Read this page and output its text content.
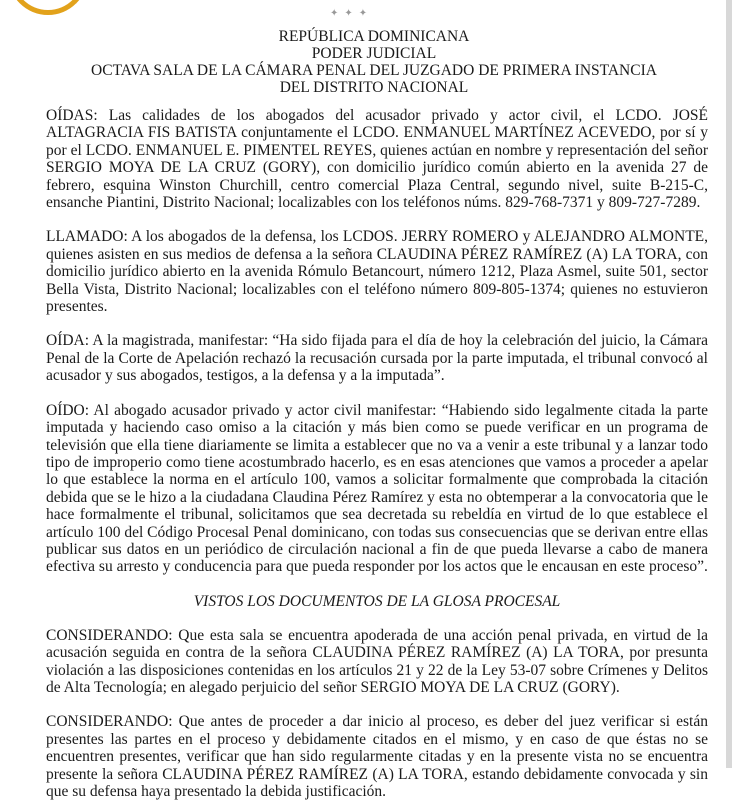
✦✦✦
REPÚBLICA DOMINICANA
PODER JUDICIAL
OCTAVA SALA DE LA CÁMARA PENAL DEL JUZGADO DE PRIMERA INSTANCIA
DEL DISTRITO NACIONAL

OÍDAS: Las calidades de los abogados del acusador privado y actor civil, el LCDO. JOSÉ ALTAGRACIA FIS BATISTA conjuntamente el LCDO. ENMANUEL MARTÍNEZ ACEVEDO, por sí y por el LCDO. ENMANUEL E. PIMENTEL REYES, quienes actúan en nombre y representación del señor SERGIO MOYA DE LA CRUZ (GORY), con domicilio jurídico común abierto en la avenida 27 de febrero, esquina Winston Churchill, centro comercial Plaza Central, segundo nivel, suite B-215-C, ensanche Piantini, Distrito Nacional; localizables con los teléfonos núms. 829-768-7371 y 809-727-7289.

LLAMADO: A los abogados de la defensa, los LCDOS. JERRY ROMERO y ALEJANDRO ALMONTE, quienes asisten en sus medios de defensa a la señora CLAUDINA PÉREZ RAMÍREZ (A) LA TORA, con domicilio jurídico abierto en la avenida Rómulo Betancourt, número 1212, Plaza Asmel, suite 501, sector Bella Vista, Distrito Nacional; localizables con el teléfono número 809-805-1374; quienes no estuvieron presentes.

OÍDA: A la magistrada, manifestar: “Ha sido fijada para el día de hoy la celebración del juicio, la Cámara Penal de la Corte de Apelación rechazó la recusación cursada por la parte imputada, el tribunal convocó al acusador y sus abogados, testigos, a la defensa y a la imputada”.

OÍDO: Al abogado acusador privado y actor civil manifestar: “Habiendo sido legalmente citada la parte imputada y haciendo caso omiso a la citación y más bien como se puede verificar en un programa de televisión que ella tiene diariamente se limita a establecer que no va a venir a este tribunal y a lanzar todo tipo de improperio como tiene acostumbrado hacerlo, es en esas atenciones que vamos a proceder a apelar lo que establece la norma en el artículo 100, vamos a solicitar formalmente que comprobada la citación debida que se le hizo a la ciudadana Claudina Pérez Ramírez y esta no obtemperar a la convocatoria que le hace formalmente el tribunal, solicitamos que sea decretada su rebeldía en virtud de lo que establece el artículo 100 del Código Procesal Penal dominicano, con todas sus consecuencias que se derivan entre ellas publicar sus datos en un periódico de circulación nacional a fin de que pueda llevarse a cabo de manera efectiva su arresto y conducencia para que pueda responder por los actos que le encausan en este proceso”.

VISTOS LOS DOCUMENTOS DE LA GLOSA PROCESAL

CONSIDERANDO: Que esta sala se encuentra apoderada de una acción penal privada, en virtud de la acusación seguida en contra de la señora CLAUDINA PÉREZ RAMÍREZ (A) LA TORA, por presunta violación a las disposiciones contenidas en los artículos 21 y 22 de la Ley 53-07 sobre Crímenes y Delitos de Alta Tecnología; en alegado perjuicio del señor SERGIO MOYA DE LA CRUZ (GORY).

CONSIDERANDO: Que antes de proceder a dar inicio al proceso, es deber del juez verificar si están presentes las partes en el proceso y debidamente citados en el mismo, y en caso de que éstas no se encuentren presentes, verificar que han sido regularmente citadas y en la presente vista no se encuentra presente la señora CLAUDINA PÉREZ RAMÍREZ (A) LA TORA, estando debidamente convocada y sin que su defensa haya presentado la debida justificación.
